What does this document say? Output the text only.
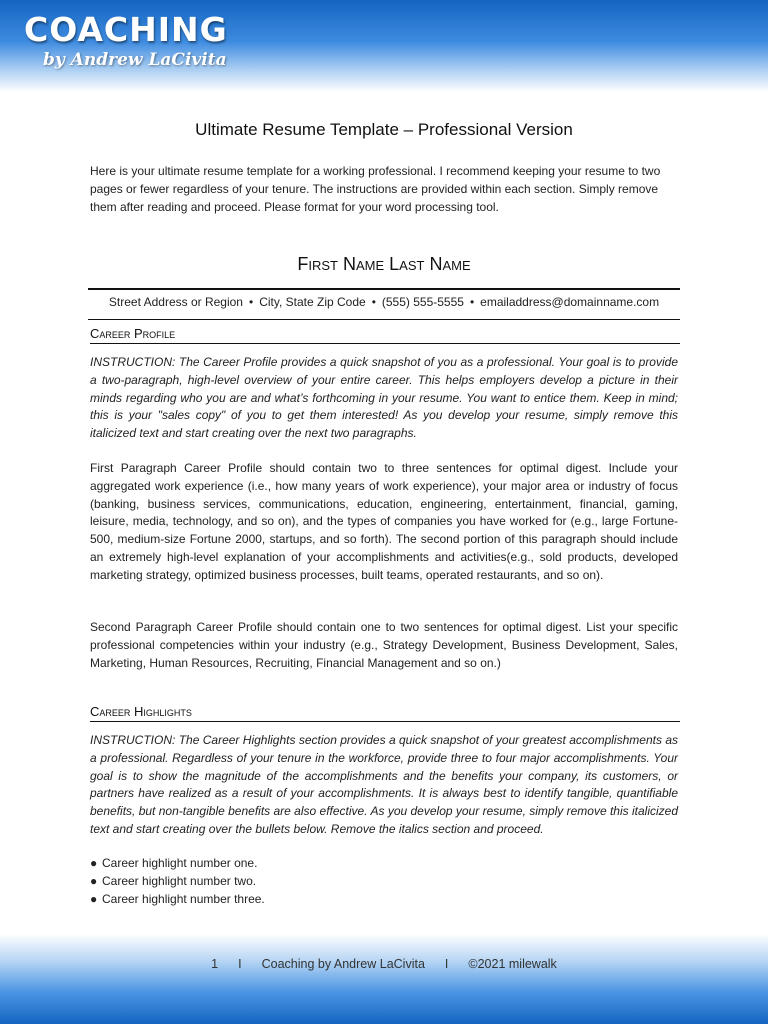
COACHING
by Andrew LaCivita
Ultimate Resume Template – Professional Version

Here is your ultimate resume template for a working professional. I recommend keeping your resume to two pages or fewer regardless of your tenure. The instructions are provided within each section. Simply remove them after reading and proceed. Please format for your word processing tool.

First Name Last Name
Street Address or Region • City, State Zip Code • (555) 555-5555 • emailaddress@domainname.com
Career Profile

INSTRUCTION: The Career Profile provides a quick snapshot of you as a professional. Your goal is to provide a two-paragraph, high-level overview of your entire career. This helps employers develop a picture in their minds regarding who you are and what’s forthcoming in your resume. You want to entice them. Keep in mind; this is your "sales copy" of you to get them interested! As you develop your resume, simply remove this italicized text and start creating over the next two paragraphs.

First Paragraph Career Profile should contain two to three sentences for optimal digest. Include your aggregated work experience (i.e., how many years of work experience), your major area or industry of focus (banking, business services, communications, education, engineering, entertainment, financial, gaming, leisure, media, technology, and so on), and the types of companies you have worked for (e.g., large Fortune-500, medium-size Fortune 2000, startups, and so forth). The second portion of this paragraph should include an extremely high-level explanation of your accomplishments and activities(e.g., sold products, developed marketing strategy, optimized business processes, built teams, operated restaurants, and so on).

Second Paragraph Career Profile should contain one to two sentences for optimal digest. List your specific professional competencies within your industry (e.g., Strategy Development, Business Development, Sales, Marketing, Human Resources, Recruiting, Financial Management and so on.)

Career Highlights

INSTRUCTION: The Career Highlights section provides a quick snapshot of your greatest accomplishments as a professional. Regardless of your tenure in the workforce, provide three to four major accomplishments. Your goal is to show the magnitude of the accomplishments and the benefits your company, its customers, or partners have realized as a result of your accomplishments. It is always best to identify tangible, quantifiable benefits, but non-tangible benefits are also effective. As you develop your resume, simply remove this italicized text and start creating over the bullets below. Remove the italics section and proceed.

● Career highlight number one.
● Career highlight number two.
● Career highlight number three.
1 I Coaching by Andrew LaCivita I ©2021 milewalk
